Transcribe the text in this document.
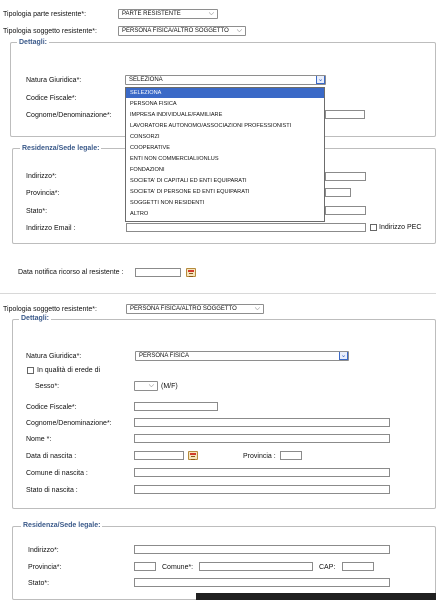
Tipologia parte resistente*:	PARTE RESISTENTE	⌵
Tipologia soggetto resistente*:	PERSONA FISICA/ALTRO SOGGETTO ⌵
Dettagli:
Natura Giuridica*:	SELEZIONA	⌄
Codice Fiscale*:
Cognome/Denominazione*:
Residenza/Sede legale:
Indirizzo*:
Provincia*:
Stato*:
Indirizzo Email :	Indirizzo PEC
SELEZIONA
PERSONA FISICA
IMPRESA INDIVIDUALE/FAMILIARE
LAVORATORE AUTONOMO/ASSOCIAZIONI PROFESSIONISTI
CONSORZI
COOPERATIVE
ENTI NON COMMERCIALI/ONLUS
FONDAZIONI
SOCIETA' DI CAPITALI ED ENTI EQUIPARATI
SOCIETA' DI PERSONE ED ENTI EQUIPARATI
SOGGETTI NON RESIDENTI
ALTRO
Data notifica ricorso al resistente :
Tipologia soggetto resistente*:	PERSONA FISICA/ALTRO SOGGETTO	⌵
Dettagli:
Natura Giuridica*:	PERSONA FISICA	⌄
In qualità di erede di
Sesso*:	⌵ (M/F)
Codice Fiscale*:
Cognome/Denominazione*:
Nome *:
Data di nascita :	Provincia :
Comune di nascita :
Stato di nascita :
Residenza/Sede legale:
Indirizzo*:
Provincia*:	Comune*:	CAP:
Stato*:
